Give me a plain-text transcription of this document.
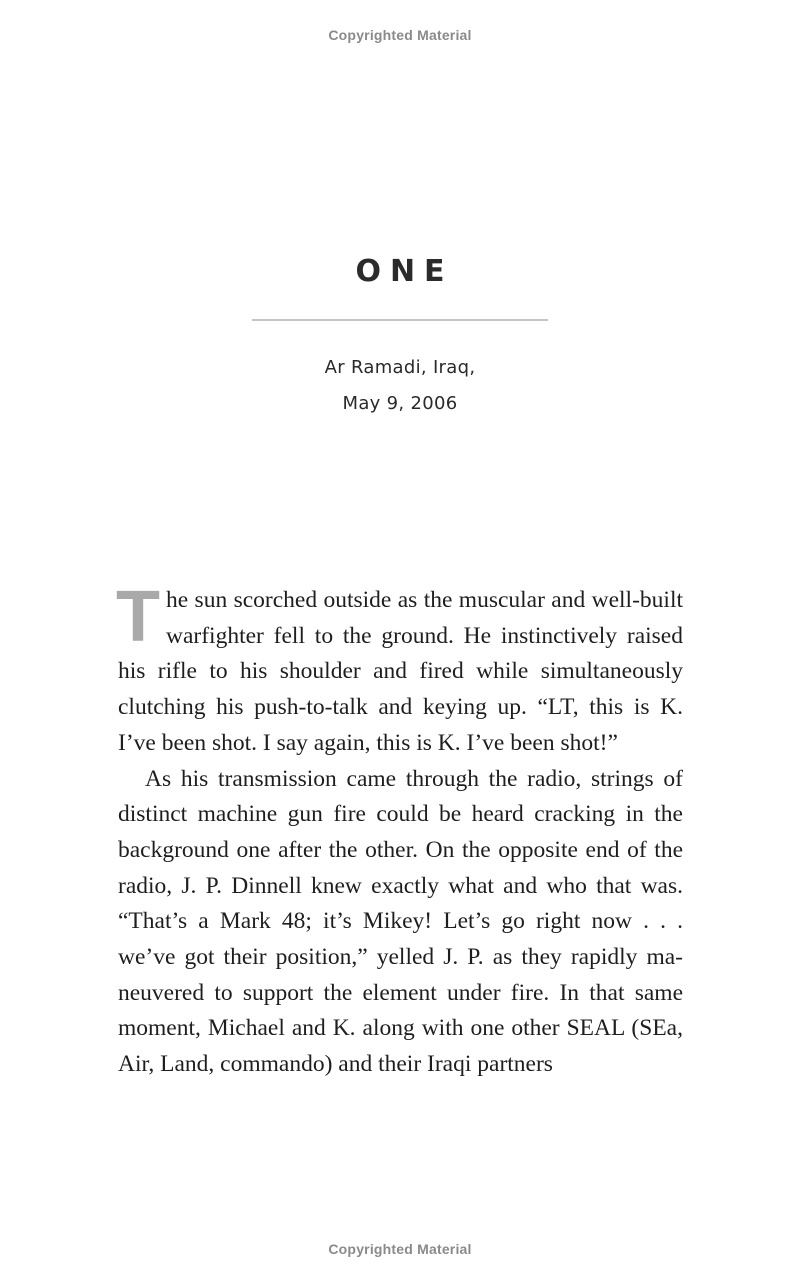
Copyrighted Material
ONE
Ar Ramadi, Iraq,
May 9, 2006

The sun scorched outside as the muscular and well-built warfighter fell to the ground. He instinctively raised his rifle to his shoulder and fired while simultaneously clutching his push-to-talk and keying up. “LT, this is K. I’ve been shot. I say again, this is K. I’ve been shot!”

As his transmission came through the radio, strings of distinct machine gun fire could be heard cracking in the background one after the other. On the opposite end of the radio, J. P. Dinnell knew exactly what and who that was. “That’s a Mark 48; it’s Mikey! Let’s go right now . . . we’ve got their position,” yelled J. P. as they rapidly maneuvered to support the element under fire. In that same moment, Michael and K. along with one other SEAL (SEa, Air, Land, commando) and their Iraqi partners

Copyrighted Material
